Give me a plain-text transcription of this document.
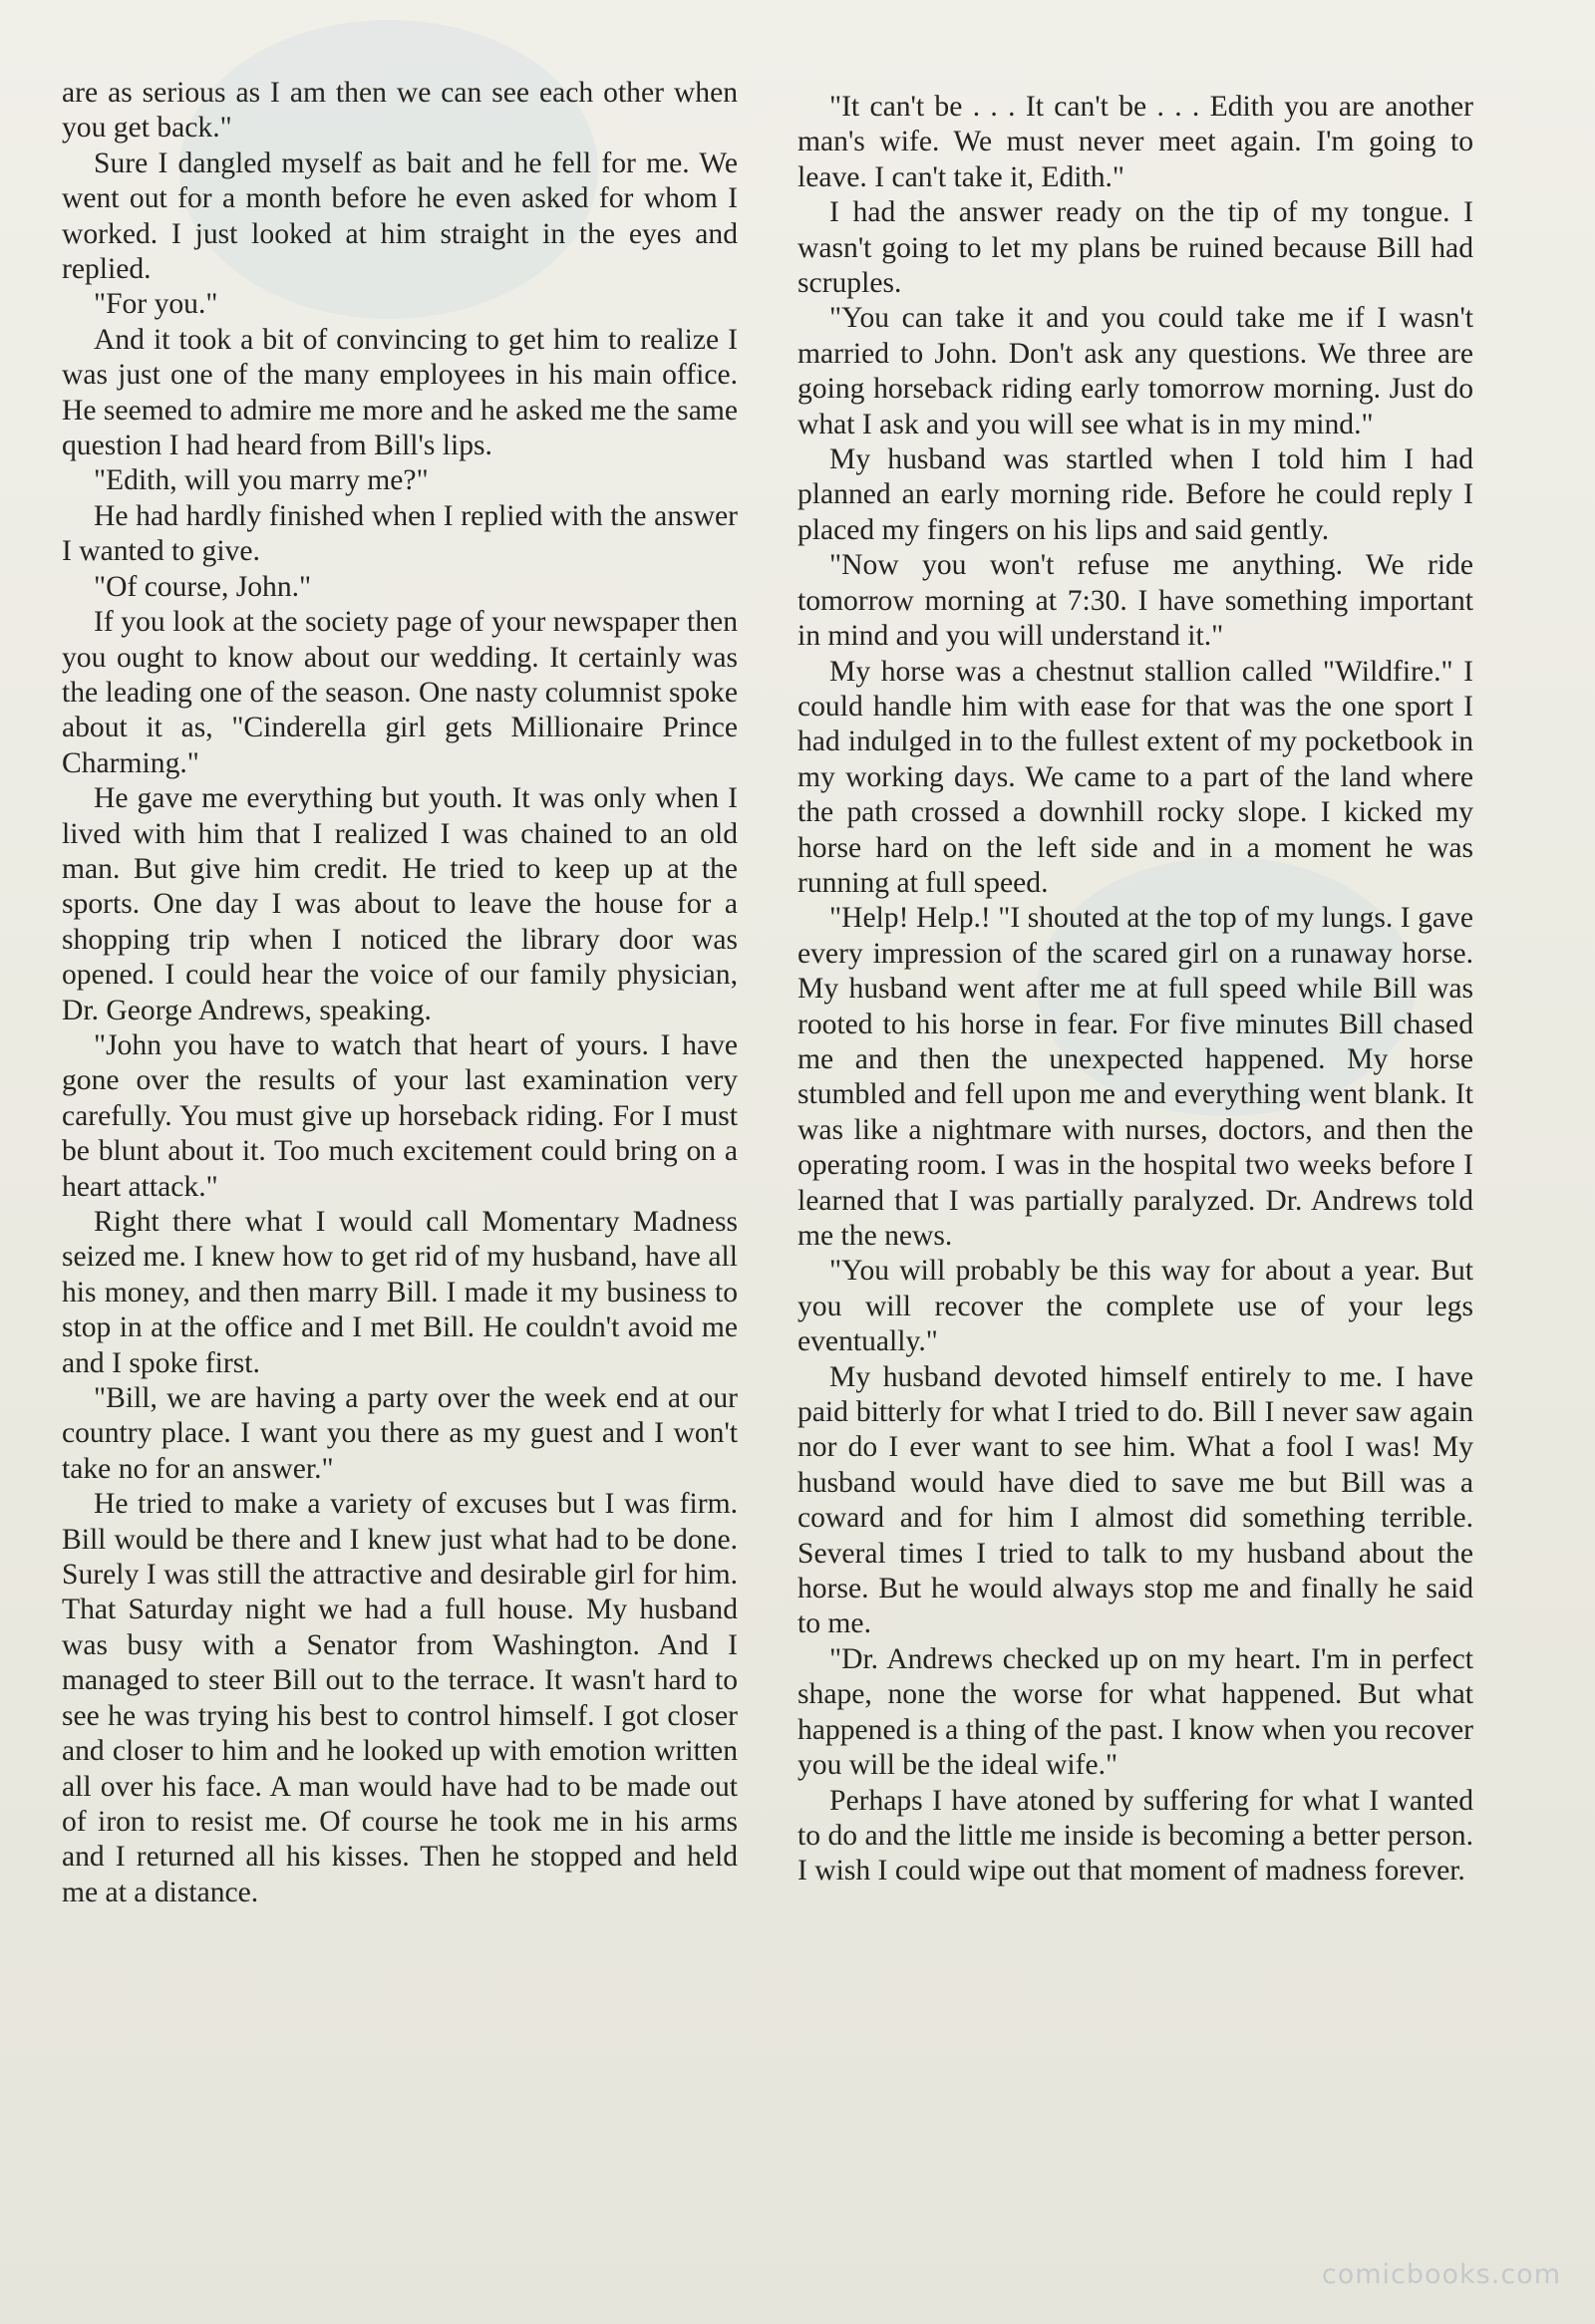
are as serious as I am then we can see each other when you get back."

Sure I dangled myself as bait and he fell for me. We went out for a month before he even asked for whom I worked. I just looked at him straight in the eyes and replied.

"For you."

And it took a bit of convincing to get him to realize I was just one of the many employees in his main office. He seemed to admire me more and he asked me the same question I had heard from Bill's lips.

"Edith, will you marry me?"

He had hardly finished when I replied with the answer I wanted to give.

"Of course, John."

If you look at the society page of your newspaper then you ought to know about our wedding. It certainly was the leading one of the season. One nasty columnist spoke about it as, "Cinderella girl gets Millionaire Prince Charming."

He gave me everything but youth. It was only when I lived with him that I realized I was chained to an old man. But give him credit. He tried to keep up at the sports. One day I was about to leave the house for a shopping trip when I noticed the library door was opened. I could hear the voice of our family physician, Dr. George Andrews, speaking.

"John you have to watch that heart of yours. I have gone over the results of your last examination very carefully. You must give up horseback riding. For I must be blunt about it. Too much excitement could bring on a heart attack."

Right there what I would call Momentary Madness seized me. I knew how to get rid of my husband, have all his money, and then marry Bill. I made it my business to stop in at the office and I met Bill. He couldn't avoid me and I spoke first.

"Bill, we are having a party over the week end at our country place. I want you there as my guest and I won't take no for an answer."

He tried to make a variety of excuses but I was firm. Bill would be there and I knew just what had to be done. Surely I was still the attractive and desirable girl for him. That Saturday night we had a full house. My husband was busy with a Senator from Washington. And I managed to steer Bill out to the terrace. It wasn't hard to see he was trying his best to control himself. I got closer and closer to him and he looked up with emotion written all over his face. A man would have had to be made out of iron to resist me. Of course he took me in his arms and I returned all his kisses. Then he stopped and held me at a distance.

"It can't be . . . It can't be . . . Edith you are another man's wife. We must never meet again. I'm going to leave. I can't take it, Edith."

I had the answer ready on the tip of my tongue. I wasn't going to let my plans be ruined because Bill had scruples.

"You can take it and you could take me if I wasn't married to John. Don't ask any questions. We three are going horseback riding early tomorrow morning. Just do what I ask and you will see what is in my mind."

My husband was startled when I told him I had planned an early morning ride. Before he could reply I placed my fingers on his lips and said gently.

"Now you won't refuse me anything. We ride tomorrow morning at 7:30. I have something important in mind and you will understand it."

My horse was a chestnut stallion called "Wildfire." I could handle him with ease for that was the one sport I had indulged in to the fullest extent of my pocketbook in my working days. We came to a part of the land where the path crossed a downhill rocky slope. I kicked my horse hard on the left side and in a moment he was running at full speed.

"Help! Help.! "I shouted at the top of my lungs. I gave every impression of the scared girl on a runaway horse. My husband went after me at full speed while Bill was rooted to his horse in fear. For five minutes Bill chased me and then the unexpected happened. My horse stumbled and fell upon me and everything went blank. It was like a nightmare with nurses, doctors, and then the operating room. I was in the hospital two weeks before I learned that I was partially paralyzed. Dr. Andrews told me the news.

"You will probably be this way for about a year. But you will recover the complete use of your legs eventually."

My husband devoted himself entirely to me. I have paid bitterly for what I tried to do. Bill I never saw again nor do I ever want to see him. What a fool I was! My husband would have died to save me but Bill was a coward and for him I almost did something terrible. Several times I tried to talk to my husband about the horse. But he would always stop me and finally he said to me.

"Dr. Andrews checked up on my heart. I'm in perfect shape, none the worse for what happened. But what happened is a thing of the past. I know when you recover you will be the ideal wife."

Perhaps I have atoned by suffering for what I wanted to do and the little me inside is becoming a better person. I wish I could wipe out that moment of madness forever.

comicbooks.com
